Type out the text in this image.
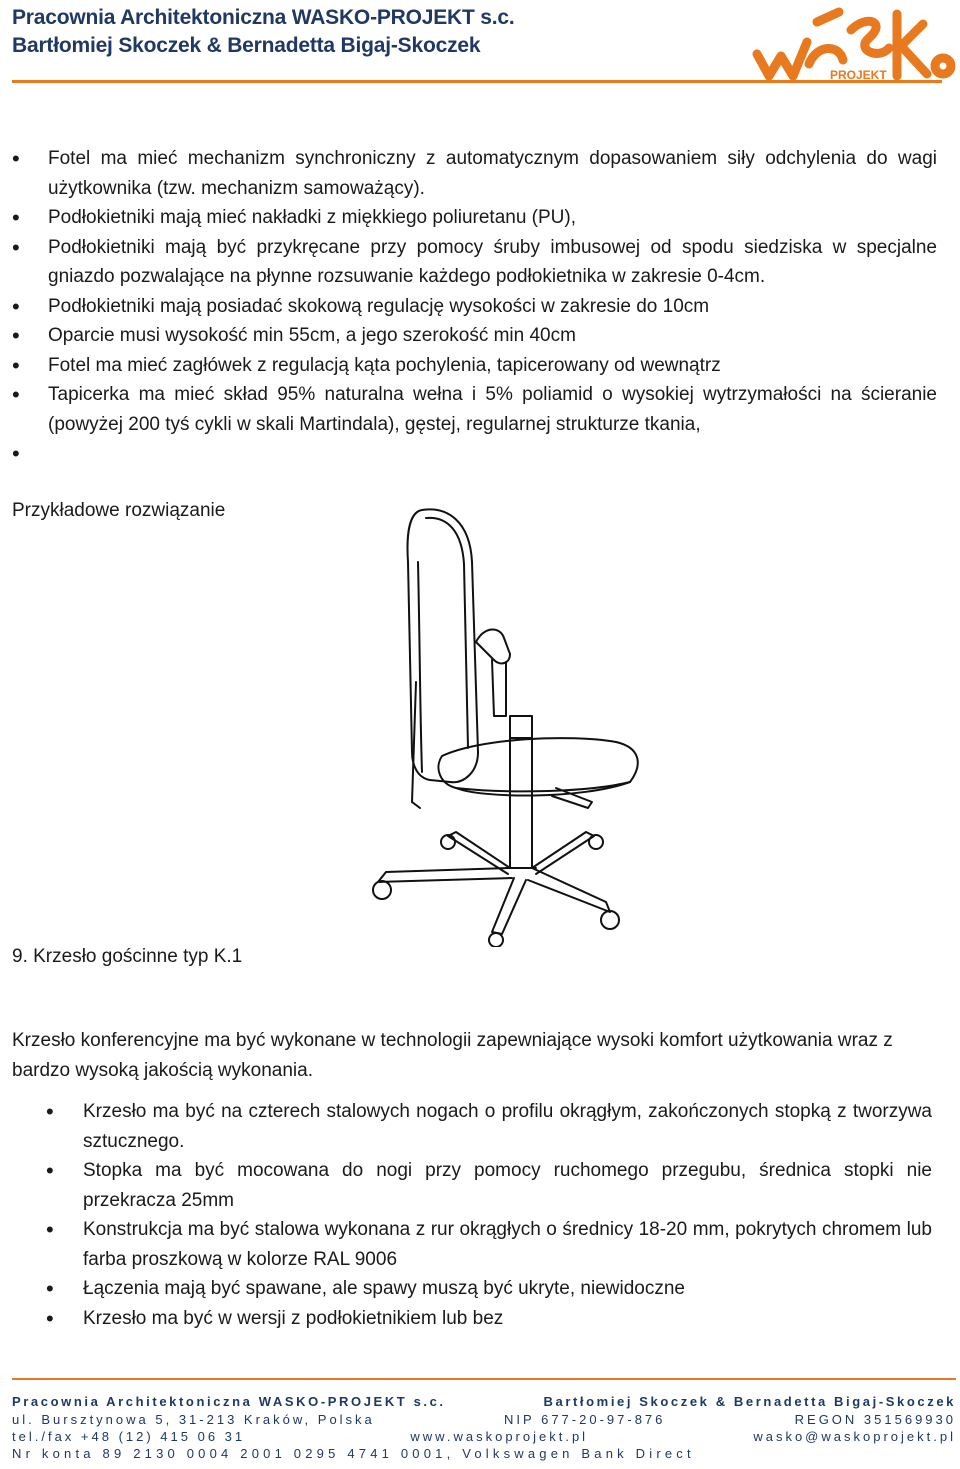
Pracownia Architektoniczna WASKO-PROJEKT s.c.
Bartłomiej Skoczek & Bernadetta Bigaj-Skoczek
PROJEKT
• Fotel ma mieć mechanizm synchroniczny z automatycznym dopasowaniem siły odchylenia do wagi użytkownika (tzw. mechanizm samoważący).
• Podłokietniki mają mieć nakładki z miękkiego poliuretanu (PU),
• Podłokietniki mają być przykręcane przy pomocy śruby imbusowej od spodu siedziska w specjalne gniazdo pozwalające na płynne rozsuwanie każdego podłokietnika w zakresie 0-4cm.
• Podłokietniki mają posiadać skokową regulację wysokości w zakresie do 10cm
• Oparcie musi wysokość min 55cm, a jego szerokość min 40cm
• Fotel ma mieć zagłówek z regulacją kąta pochylenia, tapicerowany od wewnątrz
• Tapicerka ma mieć skład 95% naturalna wełna i 5% poliamid o wysokiej wytrzymałości na ścieranie (powyżej 200 tyś cykli w skali Martindala), gęstej, regularnej strukturze tkania,
•
Przykładowe rozwiązanie
9. Krzesło gościnne typ K.1
Krzesło konferencyjne ma być wykonane w technologii zapewniające wysoki komfort użytkowania wraz z bardzo wysoką jakością wykonania.
• Krzesło ma być na czterech stalowych nogach o profilu okrągłym, zakończonych stopką z tworzywa sztucznego.
• Stopka ma być mocowana do nogi przy pomocy ruchomego przegubu, średnica stopki nie przekracza 25mm
• Konstrukcja ma być stalowa wykonana z rur okrągłych o średnicy 18-20 mm, pokrytych chromem lub farba proszkową w kolorze RAL 9006
• Łączenia mają być spawane, ale spawy muszą być ukryte, niewidoczne
• Krzesło ma być w wersji z podłokietnikiem lub bez
Pracownia Architektoniczna WASKO-PROJEKT s.c.	Bartłomiej Skoczek & Bernadetta Bigaj-Skoczek
ul. Bursztynowa 5, 31-213 Kraków, Polska	NIP 677-20-97-876	REGON 351569930
tel./fax +48 (12) 415 06 31	www.waskoprojekt.pl	wasko@waskoprojekt.pl
Nr konta 89 2130 0004 2001 0295 4741 0001, Volkswagen Bank Direct
